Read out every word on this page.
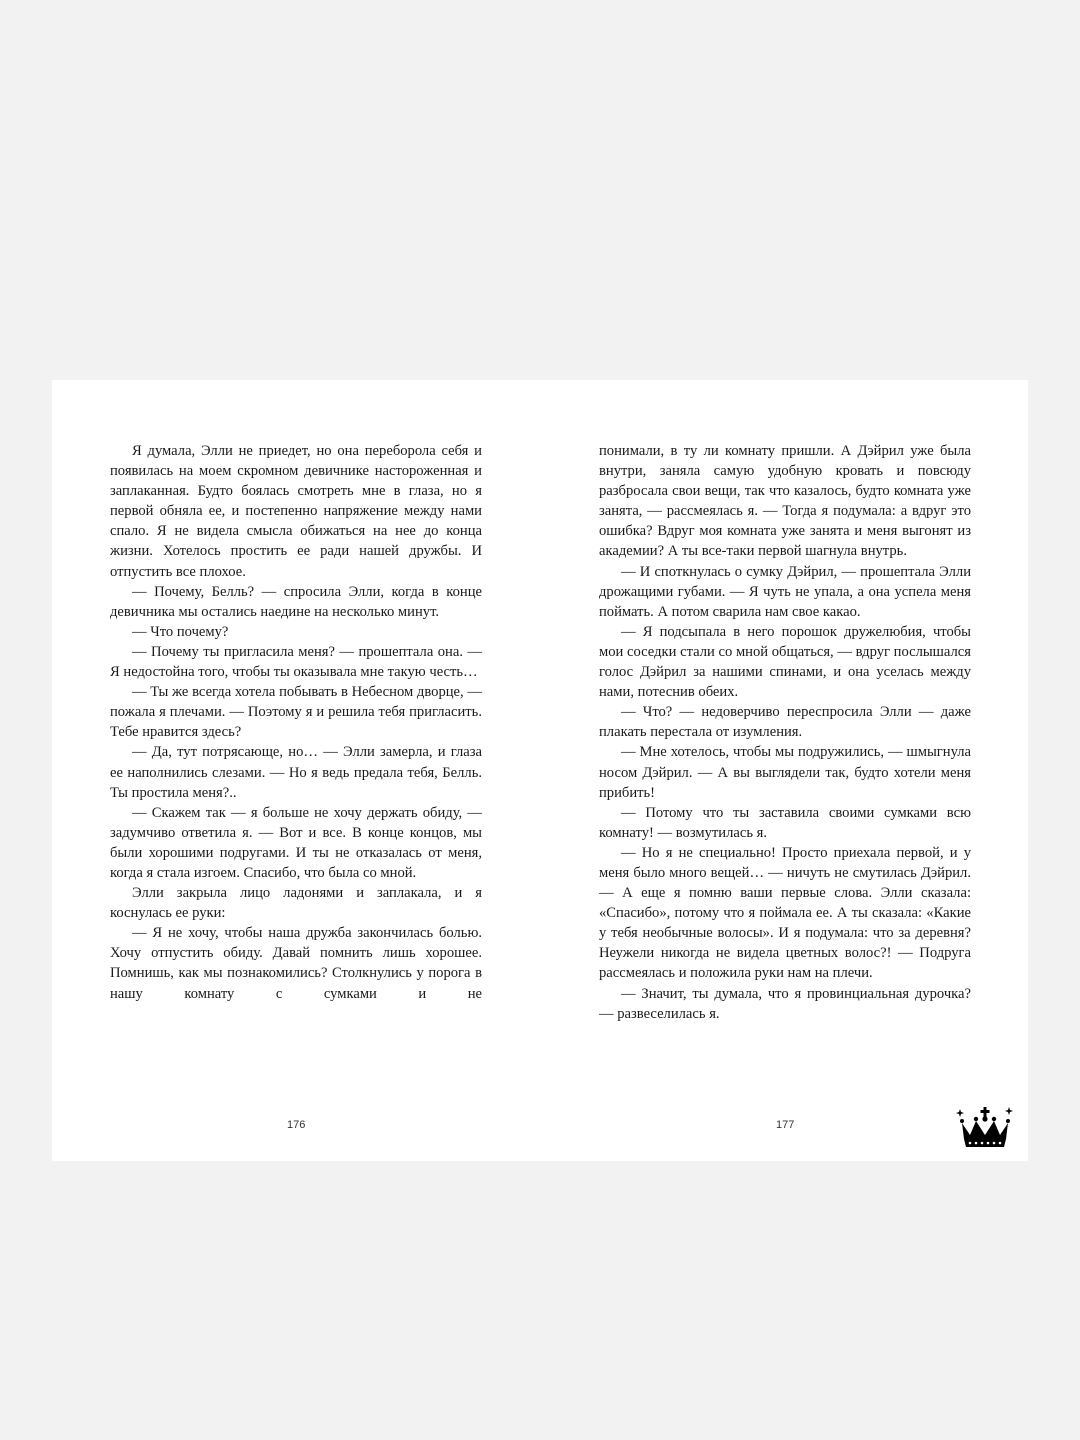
Я думала, Элли не приедет, но она переборола себя и появилась на моем скромном девичнике настороженная и заплаканная. Будто боялась смотреть мне в глаза, но я первой обняла ее, и постепенно напряжение между нами спало. Я не видела смысла обижаться на нее до конца жизни. Хотелось простить ее ради нашей дружбы. И отпустить все плохое.

— Почему, Белль? — спросила Элли, когда в конце девичника мы остались наедине на несколько минут.

— Что почему?

— Почему ты пригласила меня? — прошептала она. — Я недостойна того, чтобы ты оказывала мне такую честь…

— Ты же всегда хотела побывать в Небесном дворце, — пожала я плечами. — Поэтому я и решила тебя пригласить. Тебе нравится здесь?

— Да, тут потрясающе, но… — Элли замерла, и глаза ее наполнились слезами. — Но я ведь предала тебя, Белль. Ты простила меня?..

— Скажем так — я больше не хочу держать обиду, — задумчиво ответила я. — Вот и все. В конце концов, мы были хорошими подругами. И ты не отказалась от меня, когда я стала изгоем. Спасибо, что была со мной.

Элли закрыла лицо ладонями и заплакала, и я коснулась ее руки:

— Я не хочу, чтобы наша дружба закончилась болью. Хочу отпустить обиду. Давай помнить лишь хорошее. Помнишь, как мы познакомились? Столкнулись у порога в нашу комнату с сумками и не

176

понимали, в ту ли комнату пришли. А Дэйрил уже была внутри, заняла самую удобную кровать и повсюду разбросала свои вещи, так что казалось, будто комната уже занята, — рассмеялась я. — Тогда я подумала: а вдруг это ошибка? Вдруг моя комната уже занята и меня выгонят из академии? А ты все-таки первой шагнула внутрь.

— И споткнулась о сумку Дэйрил, — прошептала Элли дрожащими губами. — Я чуть не упала, а она успела меня поймать. А потом сварила нам свое какао.

— Я подсыпала в него порошок дружелюбия, чтобы мои соседки стали со мной общаться, — вдруг послышался голос Дэйрил за нашими спинами, и она уселась между нами, потеснив обеих.

— Что? — недоверчиво переспросила Элли — даже плакать перестала от изумления.

— Мне хотелось, чтобы мы подружились, — шмыгнула носом Дэйрил. — А вы выглядели так, будто хотели меня прибить!

— Потому что ты заставила своими сумками всю комнату! — возмутилась я.

— Но я не специально! Просто приехала первой, и у меня было много вещей… — ничуть не смутилась Дэйрил. — А еще я помню ваши первые слова. Элли сказала: «Спасибо», потому что я поймала ее. А ты сказала: «Какие у тебя необычные волосы». И я подумала: что за деревня? Неужели никогда не видела цветных волос?! — Подруга рассмеялась и положила руки нам на плечи.

— Значит, ты думала, что я провинциальная дурочка? — развеселилась я.

177
